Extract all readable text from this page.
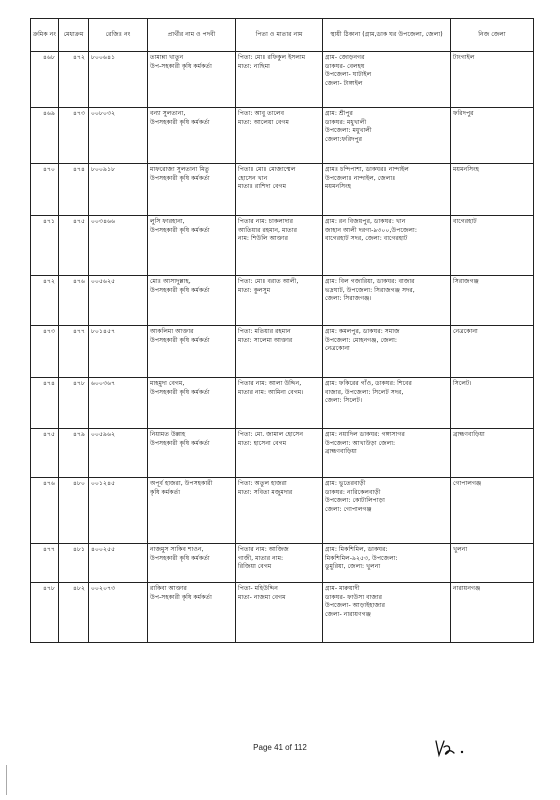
ক্রমিক নং	মেধাক্রম	রেজিঃ নং	প্রার্থীর নাম ও পদবী	পিতা ও মাতার নাম	স্থায়ী ঠিকানা (গ্রাম,ডাক ঘর উপজেলা, জেলা)	নিজ জেলা
৪৬৮	৪৭২	৮০০৬৪১	তামান্না খাতুন
উপ-সহকারী কৃষি কর্মকর্তা	পিতা: মোঃ রফিকুল ইসলাম
মাতা: নাছিমা	গ্রাম- জোড়নগর
ডাকঘর- বেলহষ
উপজেলা- ঘাটাইল
জেলা- টাঙ্গাইল	টাংগাইল
৪৬৯	৪৭৩	০০৮০৩২	বন্যা সুলতানা,
উপসহকারী কৃষি কর্মকর্তা	পিতা: আবু তালেব
মাতা: আলেয়া বেগম	গ্রাম: শ্রীপুর
ডাকঘর: মধুখালী
উপজেলা: মধুখালী
জেলা:ফরিদপুর	ফরিদপুর
৪৭০	৪৭৪	৮০০৯১৮	মাফরোজা সুলতানা মিতু
উপসহকারী কৃষি কর্মকর্তা	পিতাঃ মোঃ মোজাম্মেল
হোসেন খান
মাতাঃ রাশিদা বেগম	গ্রামঃ চন্দিপাশা, ডাকঘরঃ নান্দাইল
উপজেলাঃ নান্দাইল, জেলাঃ
ময়মনসিংহ	ময়মনসিংহ
৪৭১	৪৭৫	০০৩৪৬৬	লুসি ফারহানা,
উপসহকারী কৃষি কর্মকর্তা	পিতার নাম: চাকলাদার
আতিয়ার রহমান, মাতার
নাম: শিউলি আক্তার	গ্রাম: রন বিজয়পুর, ডাকঘর: খান
জাহান আলী দরগা-৯৩০০,উপজেলা:
বাগেরহাট সদর, জেলা: বাগেরহাট	বাগেরহাট
৪৭২	৪৭৬	০০৫৬২৫	মোঃ আসাদুল্লাহ,
উপসহকারী কৃষি কর্মকর্তা	পিতা: মোঃ বরাত আলী,
মাতা: কুলসুম	গ্রাম: বিল গজারিয়া, ডাকঘর: বাজার
ভদ্রঘাট, উপজেলা: সিরাজগঞ্জ সদর,
জেলা: সিরাজগঞ্জ।	সিরাজগঞ্জ
৪৭৩	৪৭৭	৮০১৪৫৭	আকলিমা আক্তার
উপসহকারী কৃষি কর্মকর্তা	পিতা: মতিয়ার রহমান
মাতা: সালেমা আক্তার	গ্রাম: কমলপুর, ডাকঘর: সমাজ
উপজেলা: মোহনগঞ্জ, জেলা:
নেত্রকোনা	নেত্রকোনা
৪৭৪	৪৭৮	৬০০৩৬৭	মাহমুদা বেগম,
উপসহকারী কৃষি কর্মকর্তা	পিতার নাম: আলা উদ্দিন,
মাতার নাম: আমিনা বেগম।	গ্রাম: ফকিরের গাঁও, ডাকঘর: শিবের
বাজার, উপজেলা: সিলেট সদর,
জেলা: সিলেট।	সিলেট।
৪৭৫	৪৭৯	০০৫৯৬২	নিয়ামত উল্লাহ
উপসহকারী কৃষি কর্মকর্তা	পিতা: মো. জামাল হোসেন
মাতা: হাসেনা বেগম	গ্রাম: নয়াদিল ডাকঘর: গঙ্গাসাগর
উপজেলা: আখাউড়া জেলা:
ব্রাহ্মণবাড়িয়া	ব্রাহ্মণবাড়িয়া
৪৭৬	৪৮০	০০১২৪৫	অপূর্ব হাজরা, উপসহকারী
কৃষি কর্মকর্তা	পিতা: অতুল হাজরা
মাতা: সবিতা মজুমদার	গ্রাম: ভুতেরবাড়ী
ডাকঘর: নারিকেলবাড়ী
উপজেলা: কোটালিপাড়া
জেলা: গোপালগঞ্জ	গোপালগঞ্জ
৪৭৭	৪৮১	৪০০২৫৫	নাজমুস সাকিব শাওন,
উপসহকারী কৃষি কর্মকর্তা	পিতার নাম: আজিজ
গাজী, মাতার নাম:
রিজিয়া বেগম	গ্রাম: মিকশিমিল, ডাকঘর:
মিকশিমিল-৯২৫৩, উপজেলা:
ডুমুরিয়া, জেলা: খুলনা	খুলনা
৪৭৮	৪৮২	০০২০৭৩	রাকিবা আক্তার
উপ-সহকারী কৃষি কর্মকর্তা	পিতা- মহিউদ্দিন
মাতা- নাজমা বেগম	গ্রাম- মারুয়াদী
ডাকঘর- ফাউসা বাজার
উপজেলা- আড়াইহাজার
জেলা- নারায়ণগঞ্জ	নারায়নগঞ্জ
Page 41 of 112
